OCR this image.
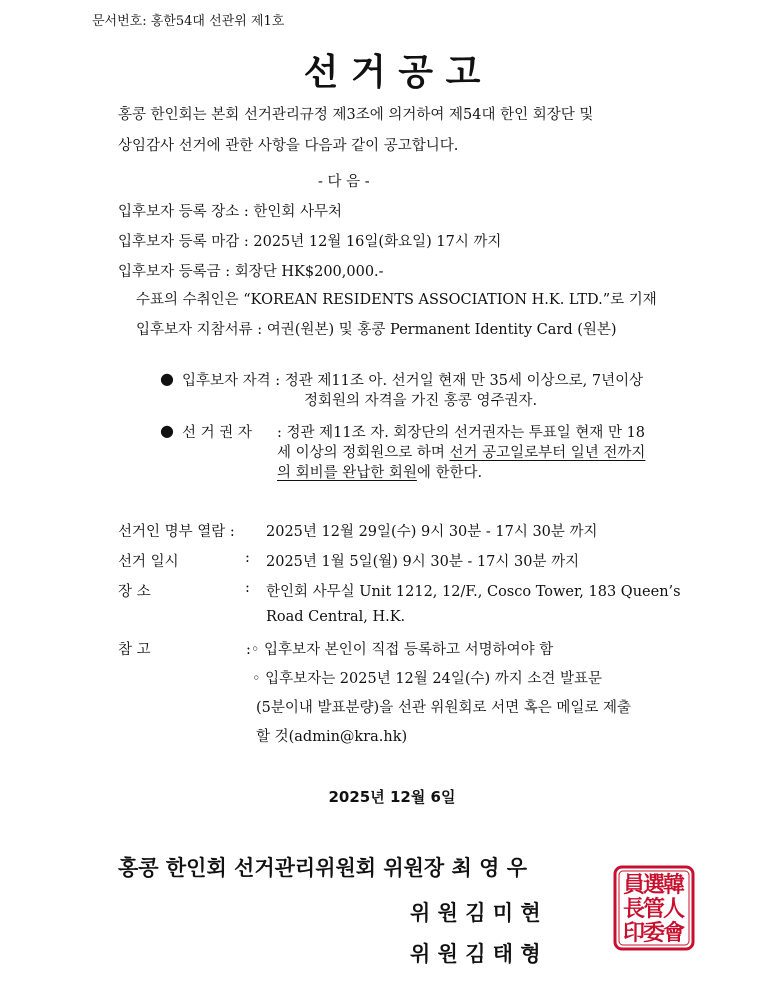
문서번호: 홍한54대 선관위 제1호
선 거 공 고
홍콩 한인회는 본회 선거관리규정 제3조에 의거하여 제54대 한인 회장단 및
상임감사 선거에 관한 사항을 다음과 같이 공고합니다.
- 다 음 -
입후보자 등록 장소 : 한인회 사무처
입후보자 등록 마감 : 2025년 12월 16일(화요일) 17시 까지
입후보자 등록금 : 회장단 HK$200,000.-
수표의 수취인은 “KOREAN RESIDENTS ASSOCIATION H.K. LTD.”로 기재
입후보자 지참서류 : 여권(원본) 및 홍콩 Permanent Identity Card (원본)
● 입후보자 자격 : 정관 제11조 아. 선거일 현재 만 35세 이상으로, 7년이상
정회원의 자격을 가진 홍콩 영주권자.
● 선 거 권 자 : 정관 제11조 자. 회장단의 선거권자는 투표일 현재 만 18
세 이상의 정회원으로 하며 선거 공고일로부터 일년 전까지
의 회비를 완납한 회원에 한한다.
선거인 명부 열람 : 2025년 12월 29일(수) 9시 30분 - 17시 30분 까지
선거 일시	: 2025년 1월 5일(월) 9시 30분 - 17시 30분 까지
장 소	: 한인회 사무실 Unit 1212, 12/F., Cosco Tower, 183 Queen’s
Road Central, H.K.
참 고	:◦ 입후보자 본인이 직접 등록하고 서명하여야 함
◦ 입후보자는 2025년 12월 24일(수) 까지 소견 발표문
(5분이내 발표분량)을 선관 위원회로 서면 혹은 메일로 제출
할 것(admin@kra.hk)
2025년 12월 6일
홍콩 한인회 선거관리위원회 위원장 최 영 우
위 원 김 미 현
위 원 김 태 형
韓
人
會
選
管
委
員
長
印
